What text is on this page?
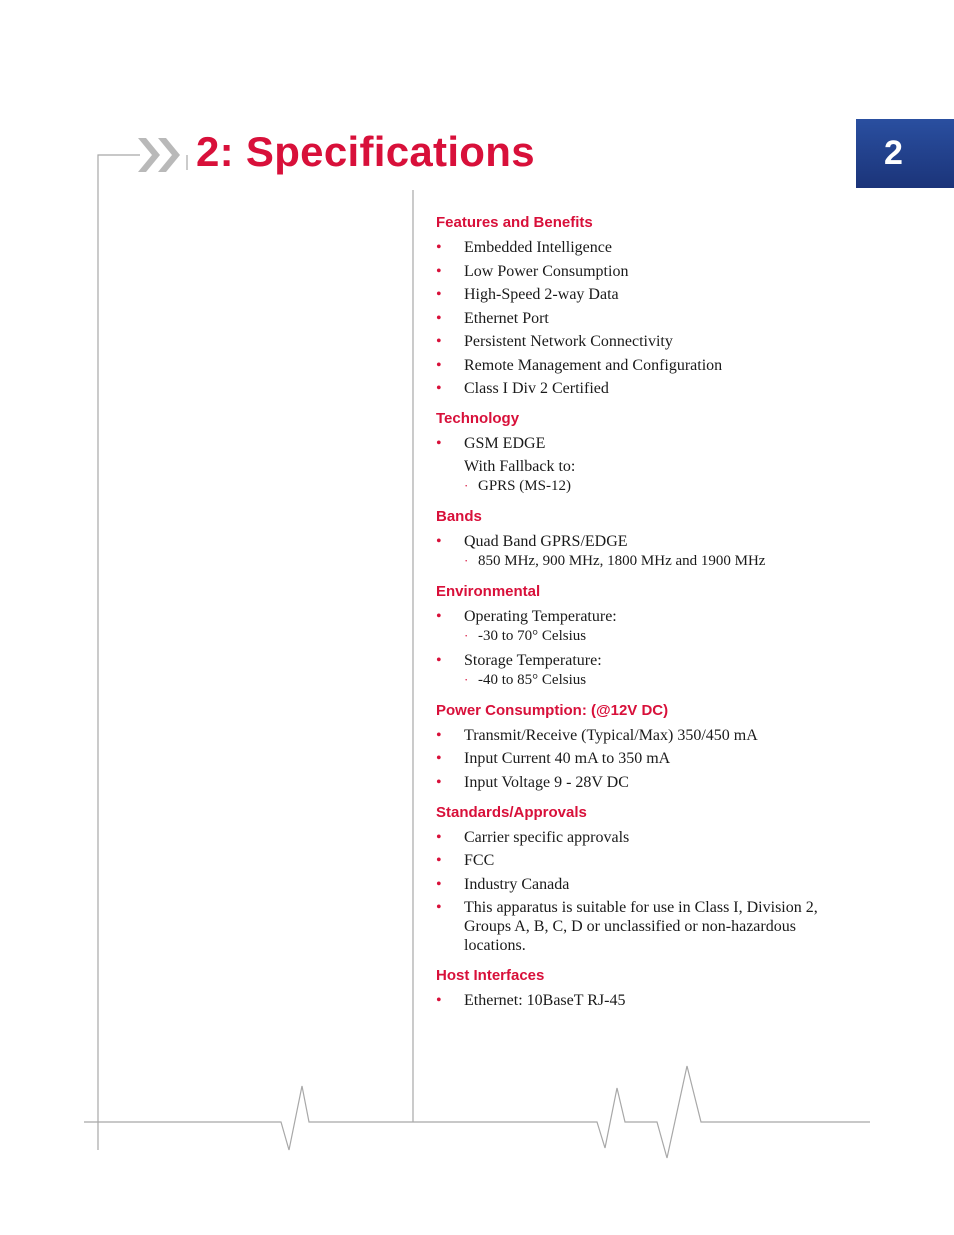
2: Specifications	2
Features and Benefits
• Embedded Intelligence
• Low Power Consumption
• High-Speed 2-way Data
• Ethernet Port
• Persistent Network Connectivity
• Remote Management and Configuration
• Class I Div 2 Certified
Technology
• GSM EDGE
With Fallback to:
· GPRS (MS-12)
Bands
• Quad Band GPRS/EDGE
· 850 MHz, 900 MHz, 1800 MHz and 1900 MHz
Environmental
• Operating Temperature:
· -30 to 70° Celsius
• Storage Temperature:
· -40 to 85° Celsius
Power Consumption: (@12V DC)
• Transmit/Receive (Typical/Max) 350/450 mA
• Input Current 40 mA to 350 mA
• Input Voltage 9 - 28V DC
Standards/Approvals
• Carrier specific approvals
• FCC
• Industry Canada
• This apparatus is suitable for use in Class I, Division 2, Groups A, B, C, D or unclassified or non-hazardous locations.
Host Interfaces
• Ethernet: 10BaseT RJ-45
